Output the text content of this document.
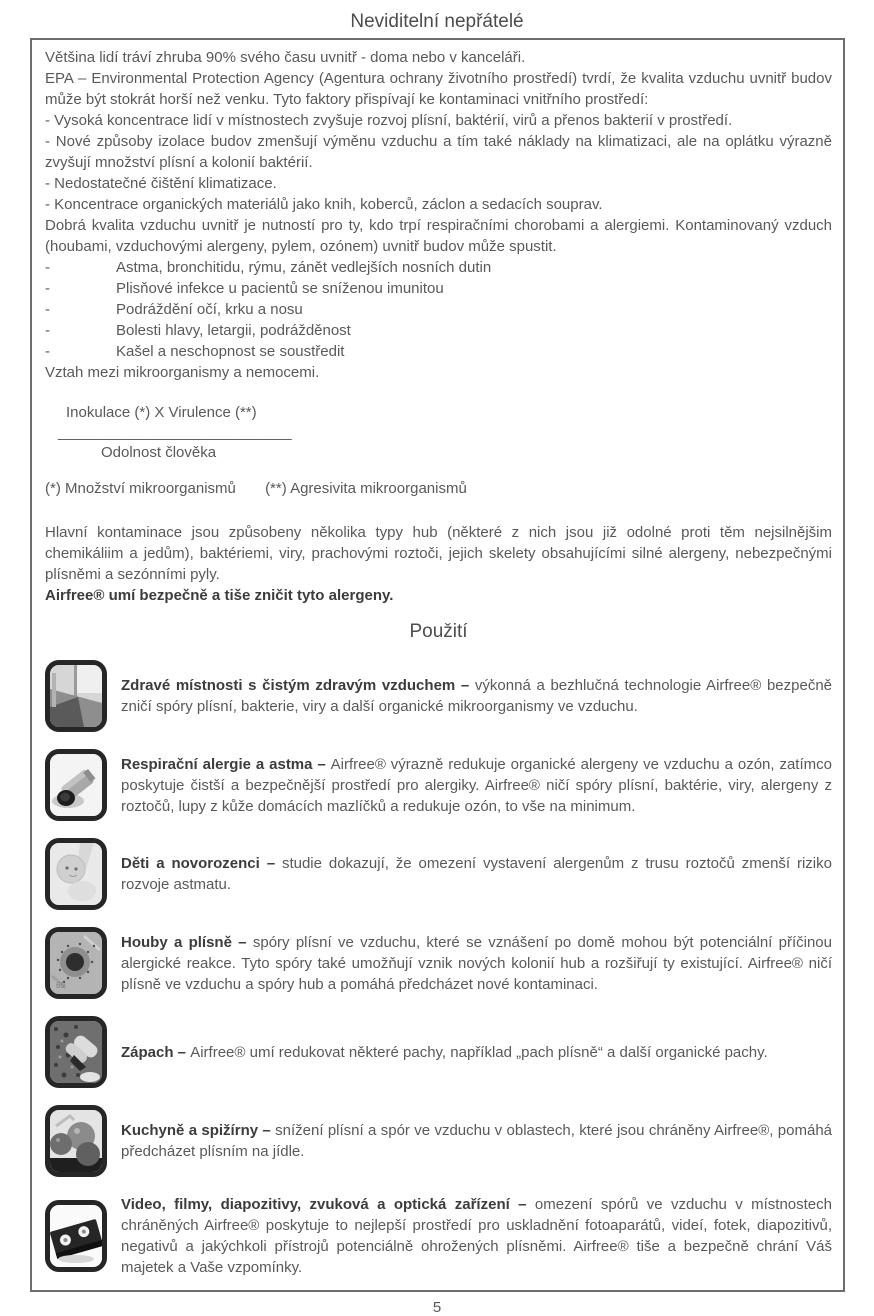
Neviditelní nepřátelé

Většina lidí tráví zhruba 90% svého času uvnitř - doma nebo v kanceláři.

EPA – Environmental Protection Agency (Agentura ochrany životního prostředí) tvrdí, že kvalita vzduchu uvnitř budov může být stokrát horší než venku. Tyto faktory přispívají ke kontaminaci vnitřního prostředí:

- Vysoká koncentrace lidí v místnostech zvyšuje rozvoj plísní, baktérií, virů a přenos bakterií v prostředí.

- Nové způsoby izolace budov zmenšují výměnu vzduchu a tím také náklady na klimatizaci, ale na oplátku výrazně zvyšují množství plísní a kolonií baktérií.

- Nedostatečné čištění klimatizace.

- Koncentrace organických materiálů jako knih, koberců, záclon a sedacích souprav.

Dobrá kvalita vzduchu uvnitř je nutností pro ty, kdo trpí respiračními chorobami a alergiemi. Kontaminovaný vzduch (houbami, vzduchovými alergeny, pylem, ozónem) uvnitř budov může spustit.

-	Astma, bronchitidu, rýmu, zánět vedlejších nosních dutin
-	Plisňové infekce u pacientů se sníženou imunitou
-	Podráždění očí, krku a nosu
-	Bolesti hlavy, letargii, podrážděnost
-	Kašel a neschopnost se soustředit

Vztah mezi mikroorganismy a nemocemi.

Inokulace (*) X Virulence (**)
____________________________
Odolnost člověka
(*) Množství mikroorganismů (**) Agresivita mikroorganismů

Hlavní kontaminace jsou způsobeny několika typy hub (některé z nich jsou již odolné proti těm nejsilnějšim chemikáliim a jedům), baktériemi, viry, prachovými roztoči, jejich skelety obsahujícími silné alergeny, nebezpečnými plísněmi a sezónními pyly.

Airfree® umí bezpečně a tiše zničit tyto alergeny.

Použití

Zdravé místnosti s čistým zdravým vzduchem – výkonná a bezhlučná technologie Airfree® bezpečně zničí spóry plísní, bakterie, viry a další organické mikroorganismy ve vzduchu.

Respirační alergie a astma – Airfree® výrazně redukuje organické alergeny ve vzduchu a ozón, zatímco poskytuje čistší a bezpečnější prostředí pro alergiky. Airfree® ničí spóry plísní, baktérie, viry, alergeny z roztočů, lupy z kůže domácích mazlíčků a redukuje ozón, to vše na minimum.

Děti a novorozenci – studie dokazují, že omezení vystavení alergenům z trusu roztočů zmenší riziko rozvoje astmatu.

69

Houby a plísně – spóry plísní ve vzduchu, které se vznášení po domě mohou být potenciální příčinou alergické reakce. Tyto spóry také umožňují vznik nových kolonií hub a rozšiřují ty existující. Airfree® ničí plísně ve vzduchu a spóry hub a pomáhá předcházet nové kontaminaci.

Zápach – Airfree® umí redukovat některé pachy, například „pach plísně“ a další organické pachy.

Kuchyně a spižírny – snížení plísní a spór ve vzduchu v oblastech, které jsou chráněny Airfree®, pomáhá předcházet plísním na jídle.

Video, filmy, diapozitivy, zvuková a optická zařízení – omezení spórů ve vzduchu v místnostech chráněných Airfree® poskytuje to nejlepší prostředí pro uskladnění fotoaparátů, videí, fotek, diapozitivů, negativů a jakýchkoli přístrojů potenciálně ohrožených plísněmi. Airfree® tiše a bezpečně chrání Váš majetek a Vaše vzpomínky.

5
